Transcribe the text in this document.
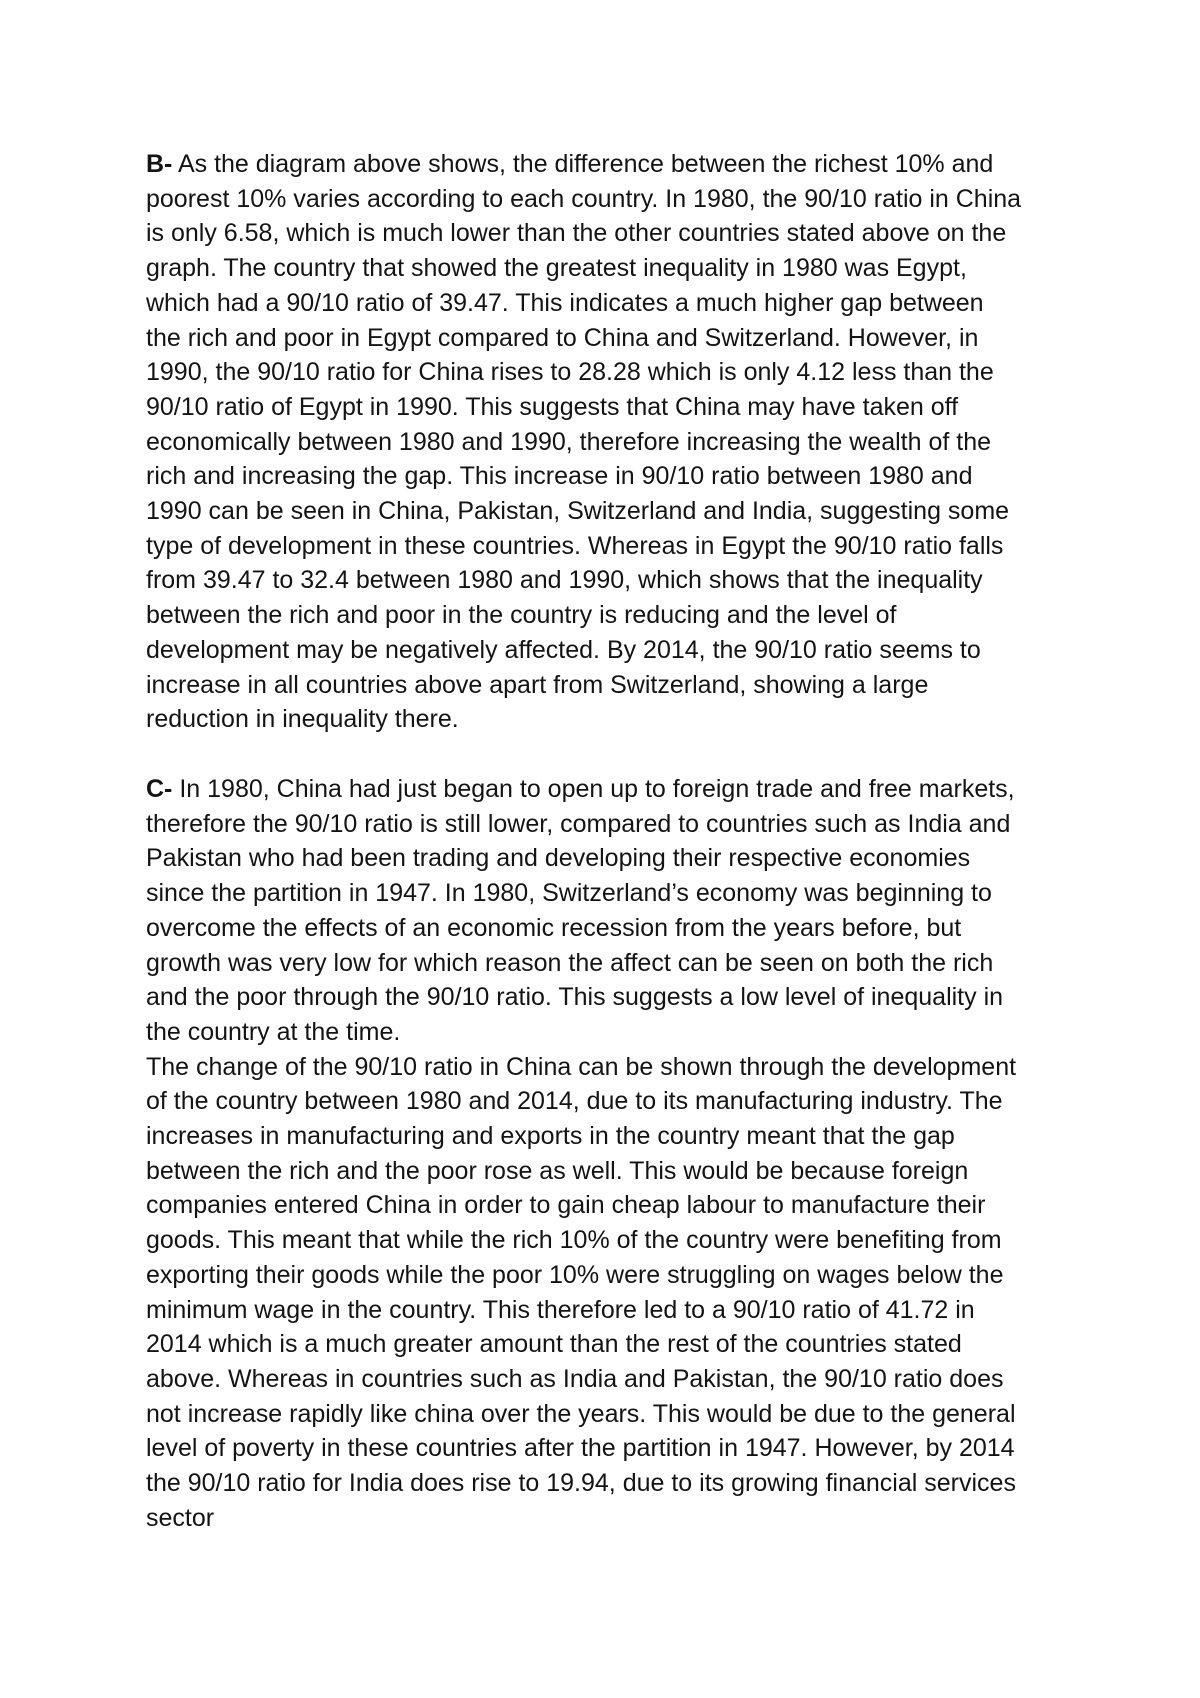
B- As the diagram above shows, the difference between the richest 10% and
poorest 10% varies according to each country. In 1980, the 90/10 ratio in China
is only 6.58, which is much lower than the other countries stated above on the
graph. The country that showed the greatest inequality in 1980 was Egypt,
which had a 90/10 ratio of 39.47. This indicates a much higher gap between
the rich and poor in Egypt compared to China and Switzerland. However, in
1990, the 90/10 ratio for China rises to 28.28 which is only 4.12 less than the
90/10 ratio of Egypt in 1990. This suggests that China may have taken off
economically between 1980 and 1990, therefore increasing the wealth of the
rich and increasing the gap. This increase in 90/10 ratio between 1980 and
1990 can be seen in China, Pakistan, Switzerland and India, suggesting some
type of development in these countries. Whereas in Egypt the 90/10 ratio falls
from 39.47 to 32.4 between 1980 and 1990, which shows that the inequality
between the rich and poor in the country is reducing and the level of
development may be negatively affected. By 2014, the 90/10 ratio seems to
increase in all countries above apart from Switzerland, showing a large
reduction in inequality there.
C- In 1980, China had just began to open up to foreign trade and free markets,
therefore the 90/10 ratio is still lower, compared to countries such as India and
Pakistan who had been trading and developing their respective economies
since the partition in 1947. In 1980, Switzerland’s economy was beginning to
overcome the effects of an economic recession from the years before, but
growth was very low for which reason the affect can be seen on both the rich
and the poor through the 90/10 ratio. This suggests a low level of inequality in
the country at the time.
The change of the 90/10 ratio in China can be shown through the development
of the country between 1980 and 2014, due to its manufacturing industry. The
increases in manufacturing and exports in the country meant that the gap
between the rich and the poor rose as well. This would be because foreign
companies entered China in order to gain cheap labour to manufacture their
goods. This meant that while the rich 10% of the country were benefiting from
exporting their goods while the poor 10% were struggling on wages below the
minimum wage in the country. This therefore led to a 90/10 ratio of 41.72 in
2014 which is a much greater amount than the rest of the countries stated
above. Whereas in countries such as India and Pakistan, the 90/10 ratio does
not increase rapidly like china over the years. This would be due to the general
level of poverty in these countries after the partition in 1947. However, by 2014
the 90/10 ratio for India does rise to 19.94, due to its growing financial services
sector
